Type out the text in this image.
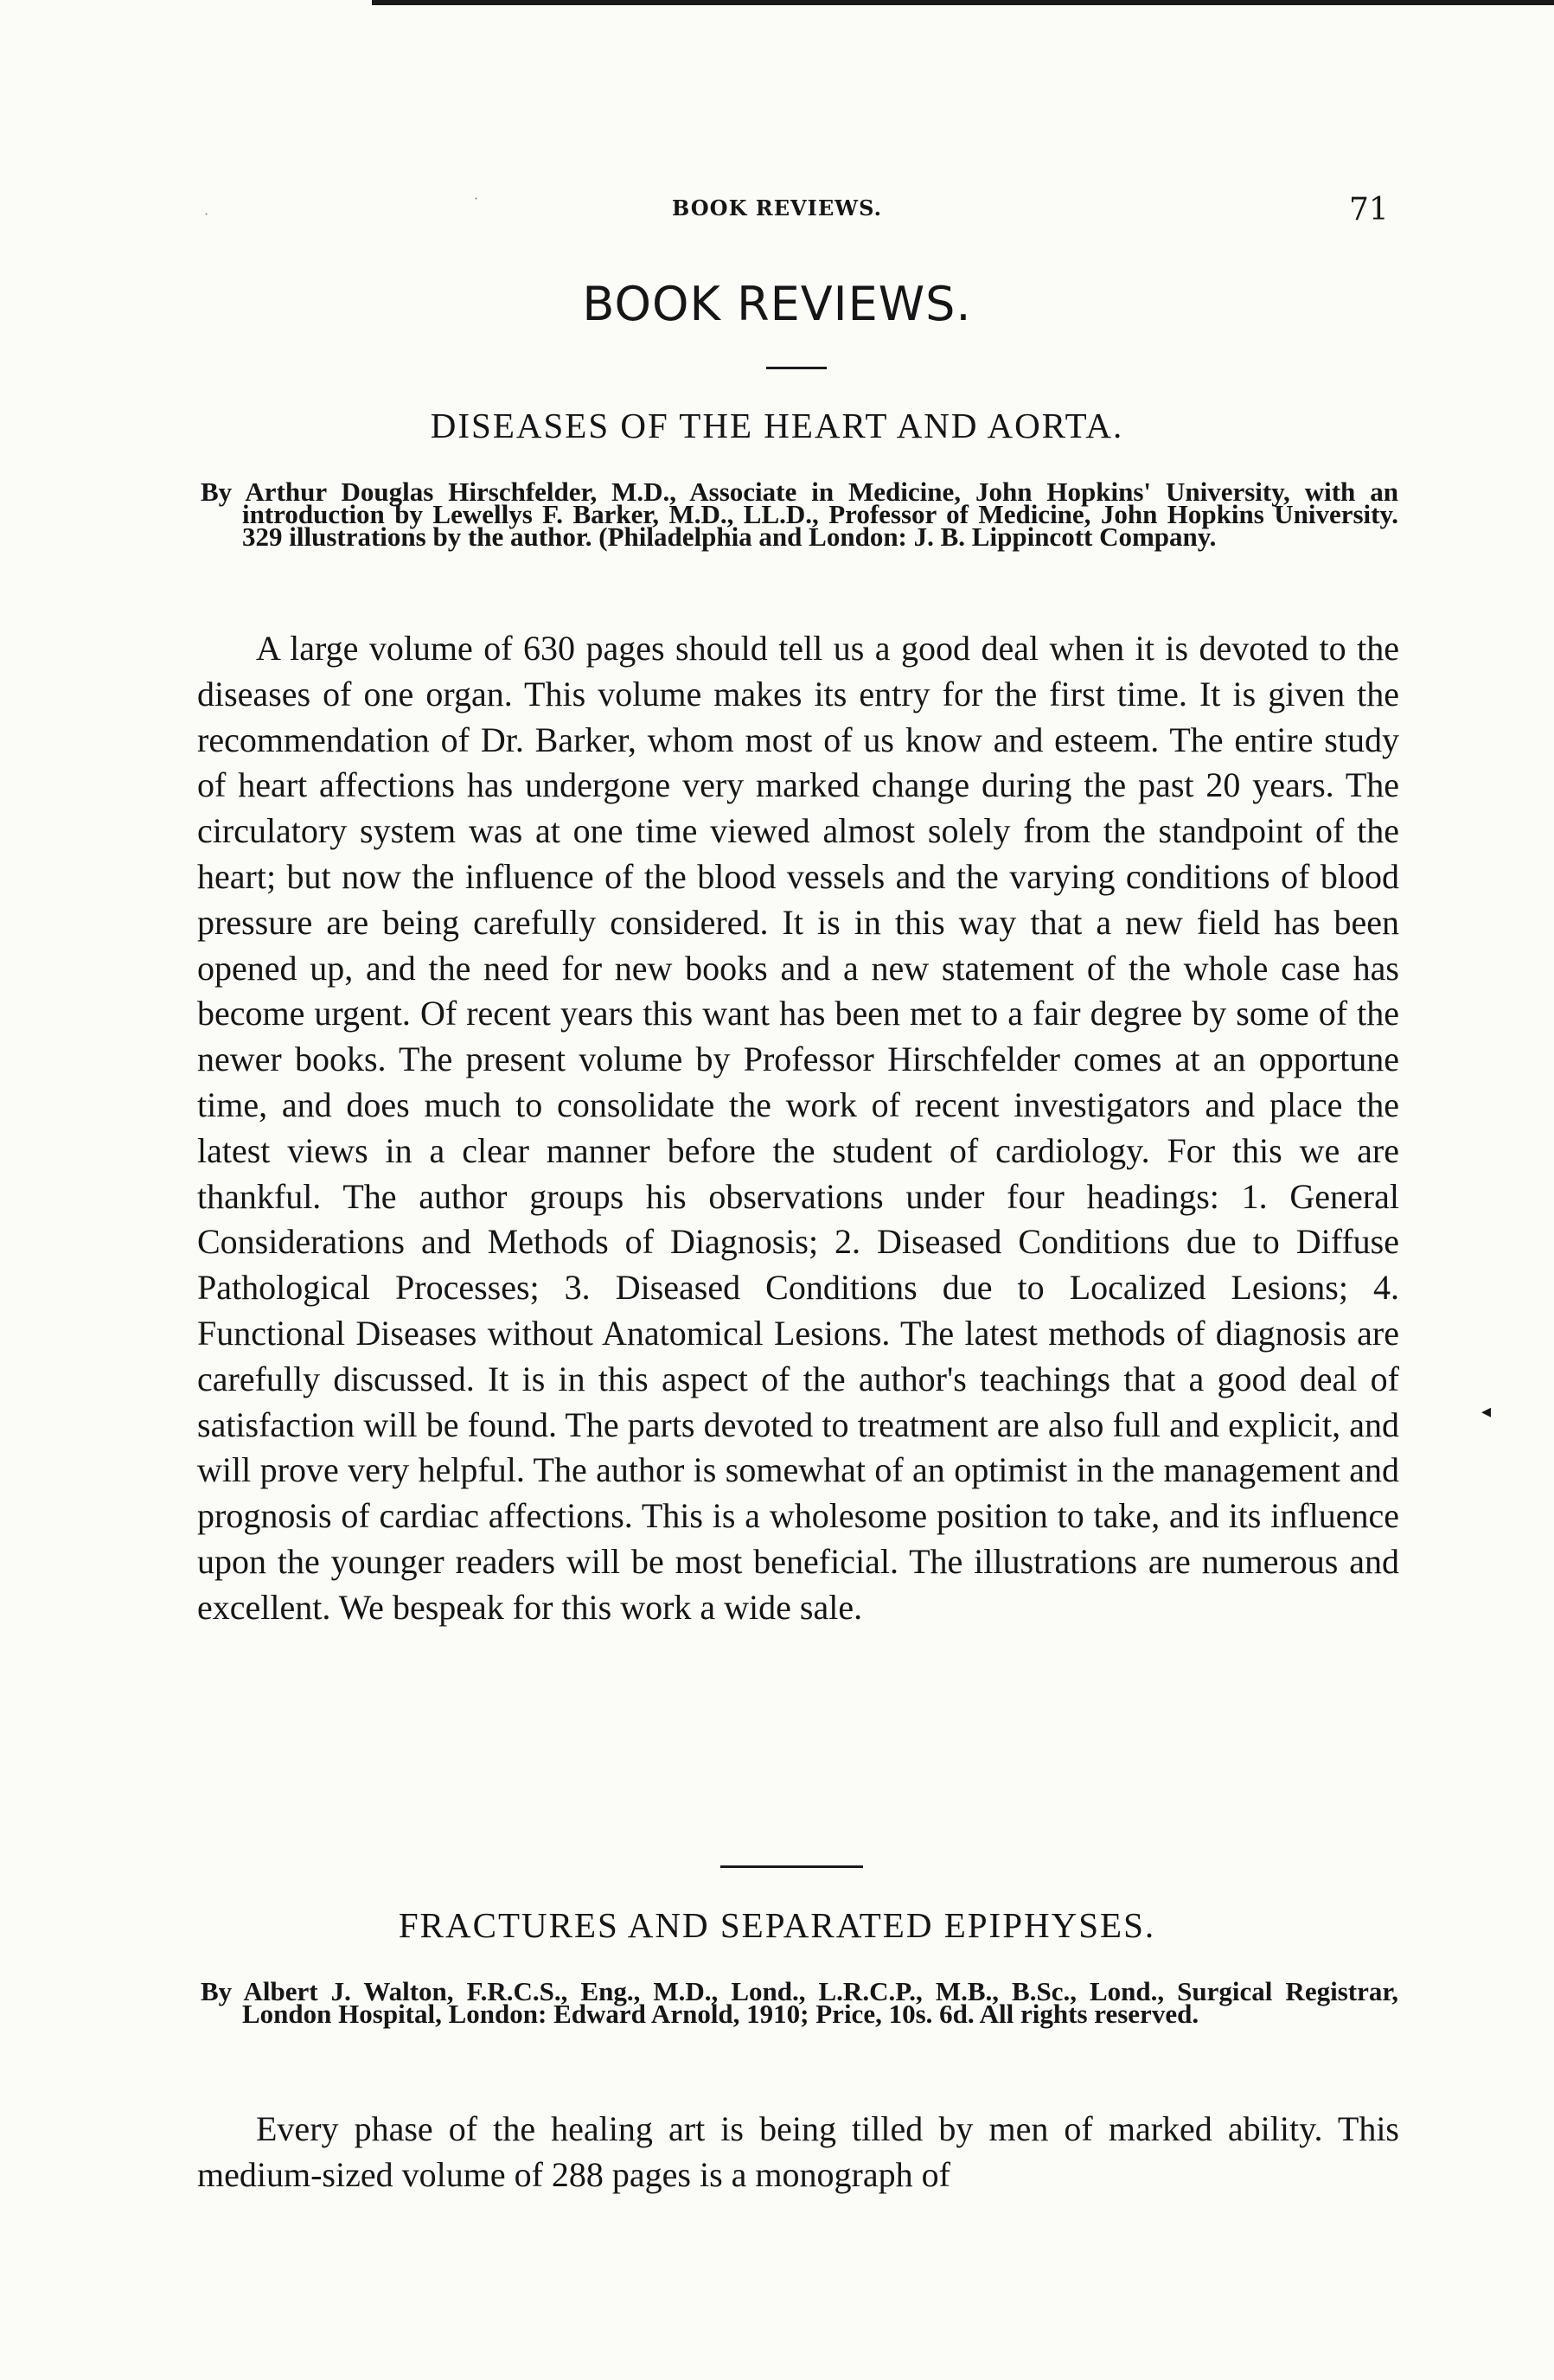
·
·	BOOK REVIEWS.	71
BOOK REVIEWS.
DISEASES OF THE HEART AND AORTA.

By Arthur Douglas Hirschfelder, M.D., Associate in Medicine, John Hopkins' University, with an introduction by Lewellys F. Barker, M.D., LL.D., Professor of Medicine, John Hopkins University. 329 illustrations by the author. (Philadelphia and London: J. B. Lippincott Company.

A large volume of 630 pages should tell us a good deal when it is devoted to the diseases of one organ. This volume makes its entry for the first time. It is given the recommendation of Dr. Barker, whom most of us know and esteem. The entire study of heart affections has undergone very marked change during the past 20 years. The circulatory system was at one time viewed almost solely from the standpoint of the heart; but now the influence of the blood vessels and the varying conditions of blood pressure are being carefully considered. It is in this way that a new field has been opened up, and the need for new books and a new statement of the whole case has become urgent. Of recent years this want has been met to a fair degree by some of the newer books. The present volume by Professor Hirschfelder comes at an opportune time, and does much to consolidate the work of recent investigators and place the latest views in a clear manner before the student of cardiology. For this we are thankful. The author groups his observations under four headings: 1. General Considerations and Methods of Diagnosis; 2. Diseased Conditions due to Diffuse Pathological Processes; 3. Diseased Conditions due to Localized Lesions; 4. Functional Diseases without Anatomical Lesions. The latest methods of diagnosis are carefully discussed. It is in this aspect of the author's teachings that a good deal of satisfaction will be found. The parts devoted to treatment are also full and explicit, and will prove very helpful. The author is somewhat of an optimist in the management and prognosis of cardiac affections. This is a wholesome position to take, and its influence upon the younger readers will be most beneficial. The illustrations are numerous and excellent. We bespeak for this work a wide sale.

◂
FRACTURES AND SEPARATED EPIPHYSES.

By Albert J. Walton, F.R.C.S., Eng., M.D., Lond., L.R.C.P., M.B., B.Sc., Lond., Surgical Registrar, London Hospital, London: Edward Arnold, 1910; Price, 10s. 6d. All rights reserved.

Every phase of the healing art is being tilled by men of marked ability. This medium-sized volume of 288 pages is a monograph of
